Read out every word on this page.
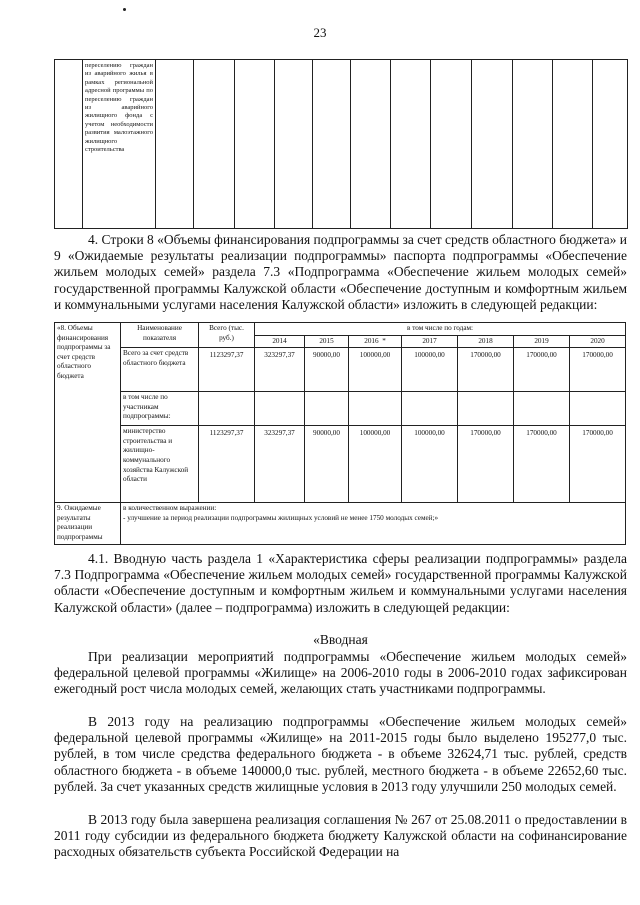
23
	переселению граждан из аварийного жилья в рамках региональной адресной программы по переселению граждан из аварийного жилищного фонда с учетом необходимости развития малоэтажного жилищного строительства												
4. Строки 8 «Объемы финансирования подпрограммы за счет средств областного бюджета» и 9 «Ожидаемые результаты реализации подпрограммы» паспорта подпрограммы «Обеспечение жильем молодых семей» раздела 7.3 «Подпрограмма «Обеспечение жильем молодых семей» государственной программы Калужской области «Обеспечение доступным и комфортным жильем и коммунальными услугами населения Калужской области» изложить в следующей редакции:
«8. Объемы финансирования подпрограммы за счет средств областного бюджета	Наименование показателя	Всего (тыс. руб.)	в том числе по годам:						
			2014	2015	2016 *	2017	2018	2019	2020
	Всего за счет средств областного бюджета	1123297,37	323297,37	90000,00	100000,00	100000,00	170000,00	170000,00	170000,00
	в том числе по участникам подпрограммы:								
	министерство строительства и жилищно-коммунального хозяйства Калужской области	1123297,37	323297,37	90000,00	100000,00	100000,00	170000,00	170000,00	170000,00
9. Ожидаемые результаты реализации подпрограммы	в количественном выражении:
- улучшение за период реализации подпрограммы жилищных условий не менее 1750 молодых семей;»								
4.1. Вводную часть раздела 1 «Характеристика сферы реализации подпрограммы» раздела 7.3 Подпрограмма «Обеспечение жильем молодых семей» государственной программы Калужской области «Обеспечение доступным и комфортным жильем и коммунальными услугами населения Калужской области» (далее – подпрограмма) изложить в следующей редакции:
«Вводная
При реализации мероприятий подпрограммы «Обеспечение жильем молодых семей» федеральной целевой программы «Жилище» на 2006-2010 годы в 2006-2010 годах зафиксирован ежегодный рост числа молодых семей, желающих стать участниками подпрограммы.
В 2013 году на реализацию подпрограммы «Обеспечение жильем молодых семей» федеральной целевой программы «Жилище» на 2011-2015 годы было выделено 195277,0 тыс. рублей, в том числе средства федерального бюджета - в объеме 32624,71 тыс. рублей, средств областного бюджета - в объеме 140000,0 тыс. рублей, местного бюджета - в объеме 22652,60 тыс. рублей. За счет указанных средств жилищные условия в 2013 году улучшили 250 молодых семей.
В 2013 году была завершена реализация соглашения № 267 от 25.08.2011 о предоставлении в 2011 году субсидии из федерального бюджета бюджету Калужской области на софинансирование расходных обязательств субъекта Российской Федерации на
